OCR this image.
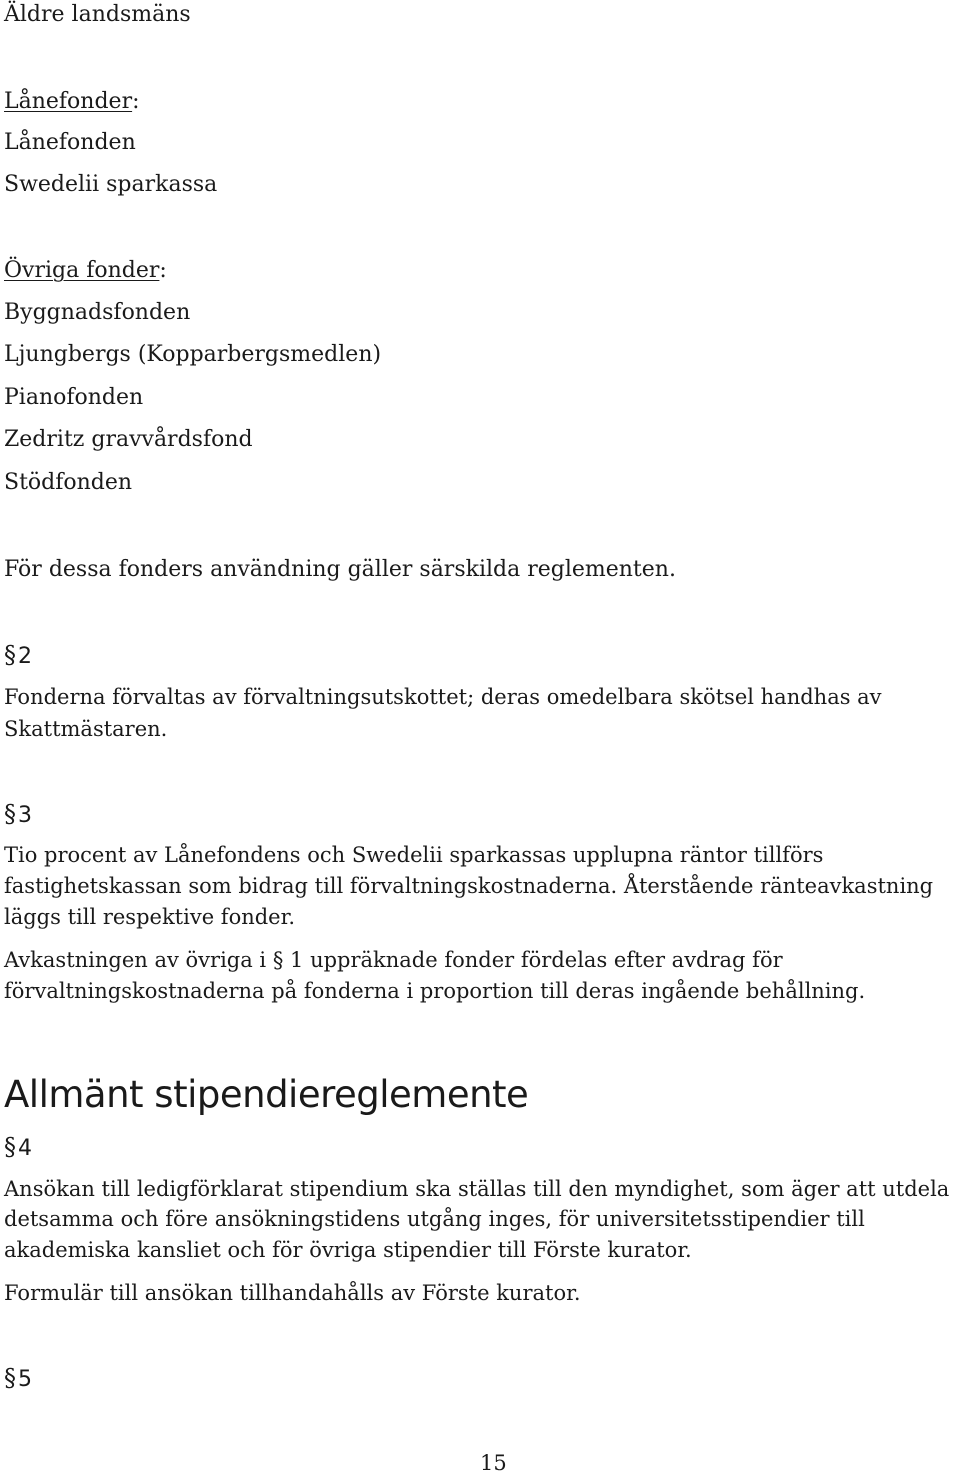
Äldre landsmäns
Lånefonder:
Lånefonden
Swedelii sparkassa
Övriga fonder:
Byggnadsfonden
Ljungbergs (Kopparbergsmedlen)
Pianofonden
Zedritz gravvårdsfond
Stödfonden
För dessa fonders användning gäller särskilda reglementen.
§2
Fonderna förvaltas av förvaltningsutskottet; deras omedelbara skötsel handhas av
Skattmästaren.
§3
Tio procent av Lånefondens och Swedelii sparkassas upplupna räntor tillförs
fastighetskassan som bidrag till förvaltningskostnaderna. Återstående ränteavkastning
läggs till respektive fonder.
Avkastningen av övriga i § 1 uppräknade fonder fördelas efter avdrag för
förvaltningskostnaderna på fonderna i proportion till deras ingående behållning.
Allmänt stipendiereglemente
§4
Ansökan till ledigförklarat stipendium ska ställas till den myndighet, som äger att utdela
detsamma och före ansökningstidens utgång inges, för universitetsstipendier till
akademiska kansliet och för övriga stipendier till Förste kurator.
Formulär till ansökan tillhandahålls av Förste kurator.
§5
15
